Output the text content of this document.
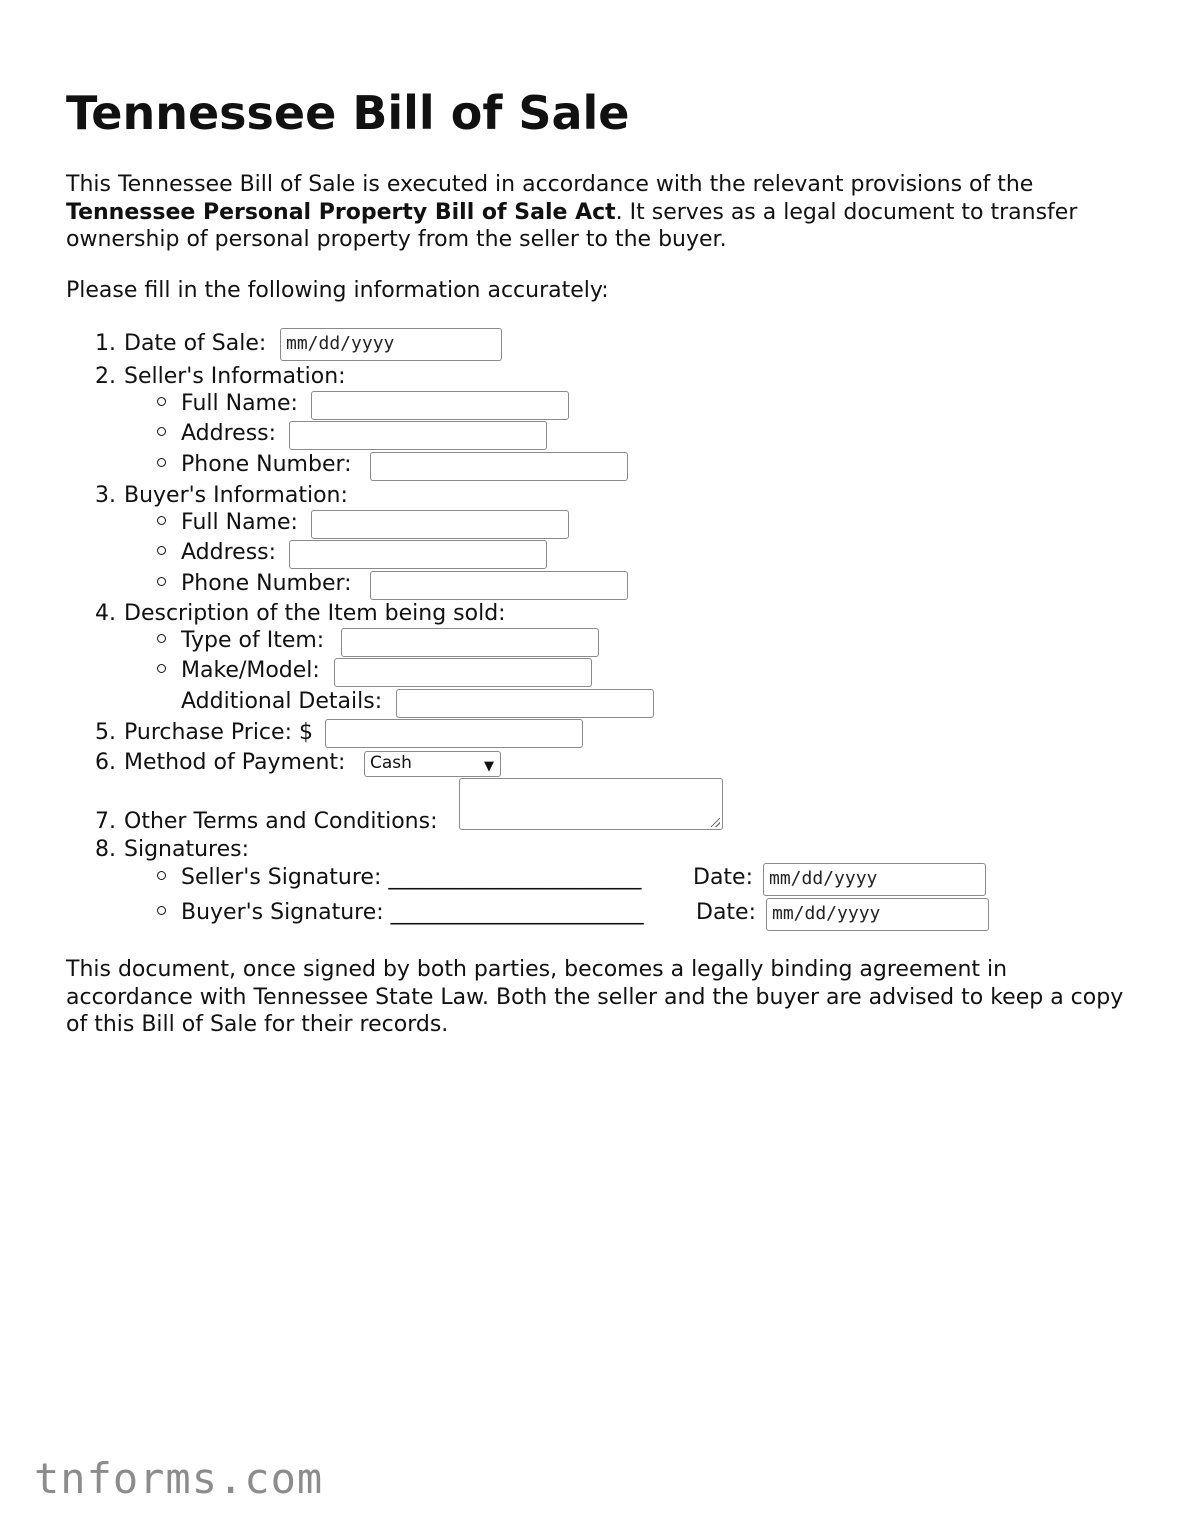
Tennessee Bill of Sale

This Tennessee Bill of Sale is executed in accordance with the relevant provisions of the Tennessee Personal Property Bill of Sale Act. It serves as a legal document to transfer ownership of personal property from the seller to the buyer.

Please fill in the following information accurately:

1. Date of Sale:	mm/dd/yyyy
2. Seller's Information:
Full Name:
Address:
Phone Number:
3. Buyer's Information:
Full Name:
Address:
Phone Number:
4. Description of the Item being sold:
Type of Item:
Make/Model:
Additional Details:
5. Purchase Price: $
6. Method of Payment:	Cash	▼
7. Other Terms and Conditions:
8. Signatures:
Seller's Signature: _______________________ Date: mm/dd/yyyy
Buyer's Signature: _______________________ Date: mm/dd/yyyy

This document, once signed by both parties, becomes a legally binding agreement in accordance with Tennessee State Law. Both the seller and the buyer are advised to keep a copy of this Bill of Sale for their records.

tnforms.com
